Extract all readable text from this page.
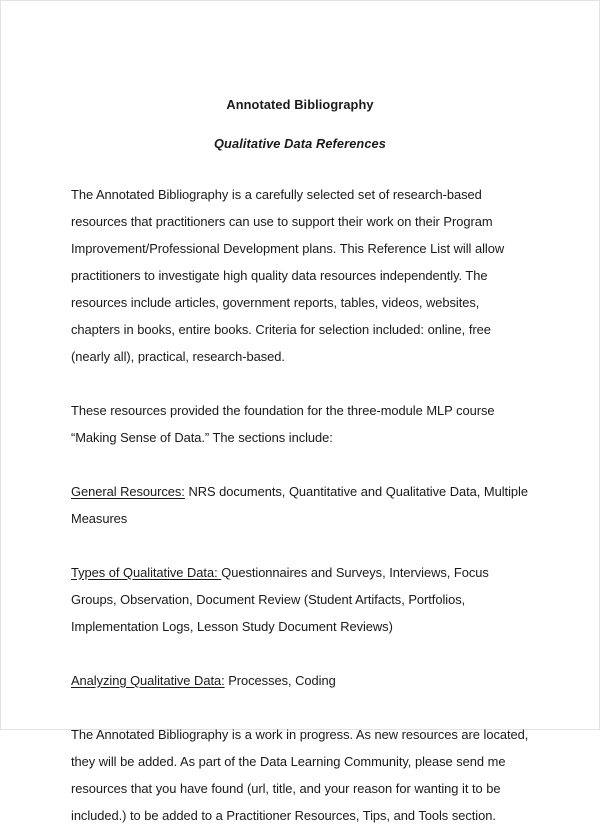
Annotated Bibliography
Qualitative Data References

The Annotated Bibliography is a carefully selected set of research-based resources that practitioners can use to support their work on their Program Improvement/Professional Development plans. This Reference List will allow practitioners to investigate high quality data resources independently. The resources include articles, government reports, tables, videos, websites, chapters in books, entire books. Criteria for selection included: online, free (nearly all), practical, research-based.

These resources provided the foundation for the three-module MLP course “Making Sense of Data.” The sections include:

General Resources: NRS documents, Quantitative and Qualitative Data, Multiple Measures

Types of Qualitative Data: Questionnaires and Surveys, Interviews, Focus Groups, Observation, Document Review (Student Artifacts, Portfolios, Implementation Logs, Lesson Study Document Reviews)

Analyzing Qualitative Data: Processes, Coding

The Annotated Bibliography is a work in progress. As new resources are located, they will be added. As part of the Data Learning Community, please send me resources that you have found (url, title, and your reason for wanting it to be included.) to be added to a Practitioner Resources, Tips, and Tools section.
